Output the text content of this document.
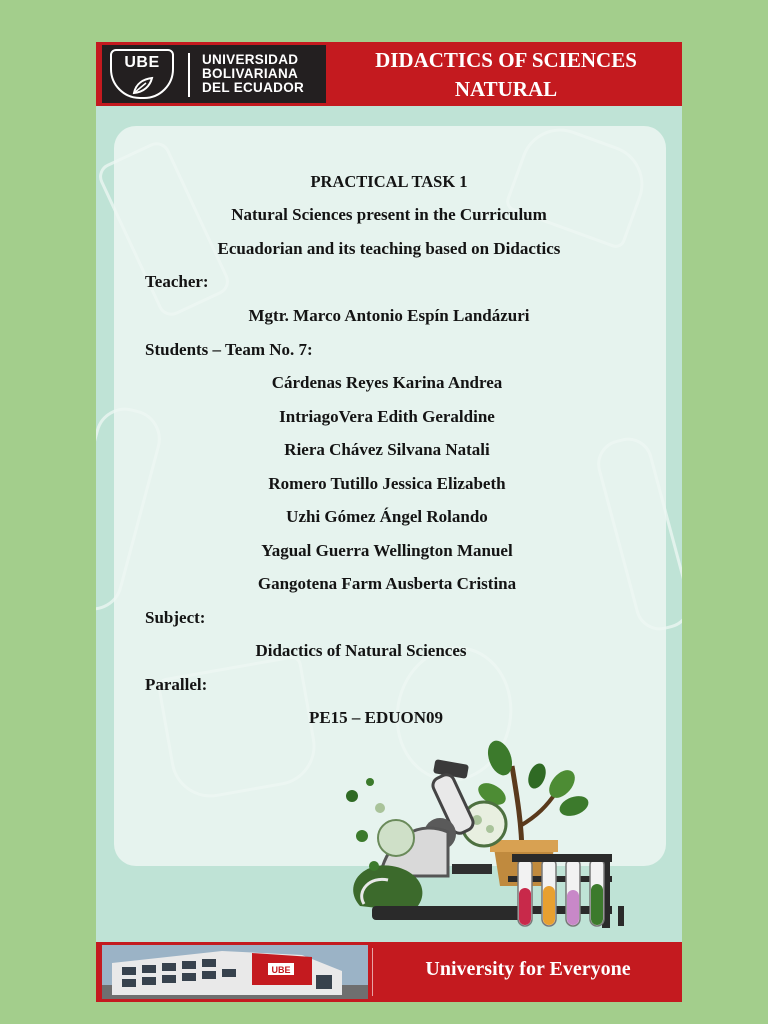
UBE	UNIVERSIDAD
BOLIVARIANA
DEL ECUADOR
DIDACTICS OF SCIENCES
NATURAL
PRACTICAL TASK 1
Natural Sciences present in the Curriculum
Ecuadorian and its teaching based on Didactics
Teacher:
Mgtr. Marco Antonio Espín Landázuri
Students – Team No. 7:
Cárdenas Reyes Karina Andrea
IntriagoVera Edith Geraldine
Riera Chávez Silvana Natali
Romero Tutillo Jessica Elizabeth
Uzhi Gómez Ángel Rolando
Yagual Guerra Wellington Manuel
Gangotena Farm Ausberta Cristina
Subject:
Didactics of Natural Sciences
Parallel:
PE15 – EDUON09
UBE	University for Everyone
